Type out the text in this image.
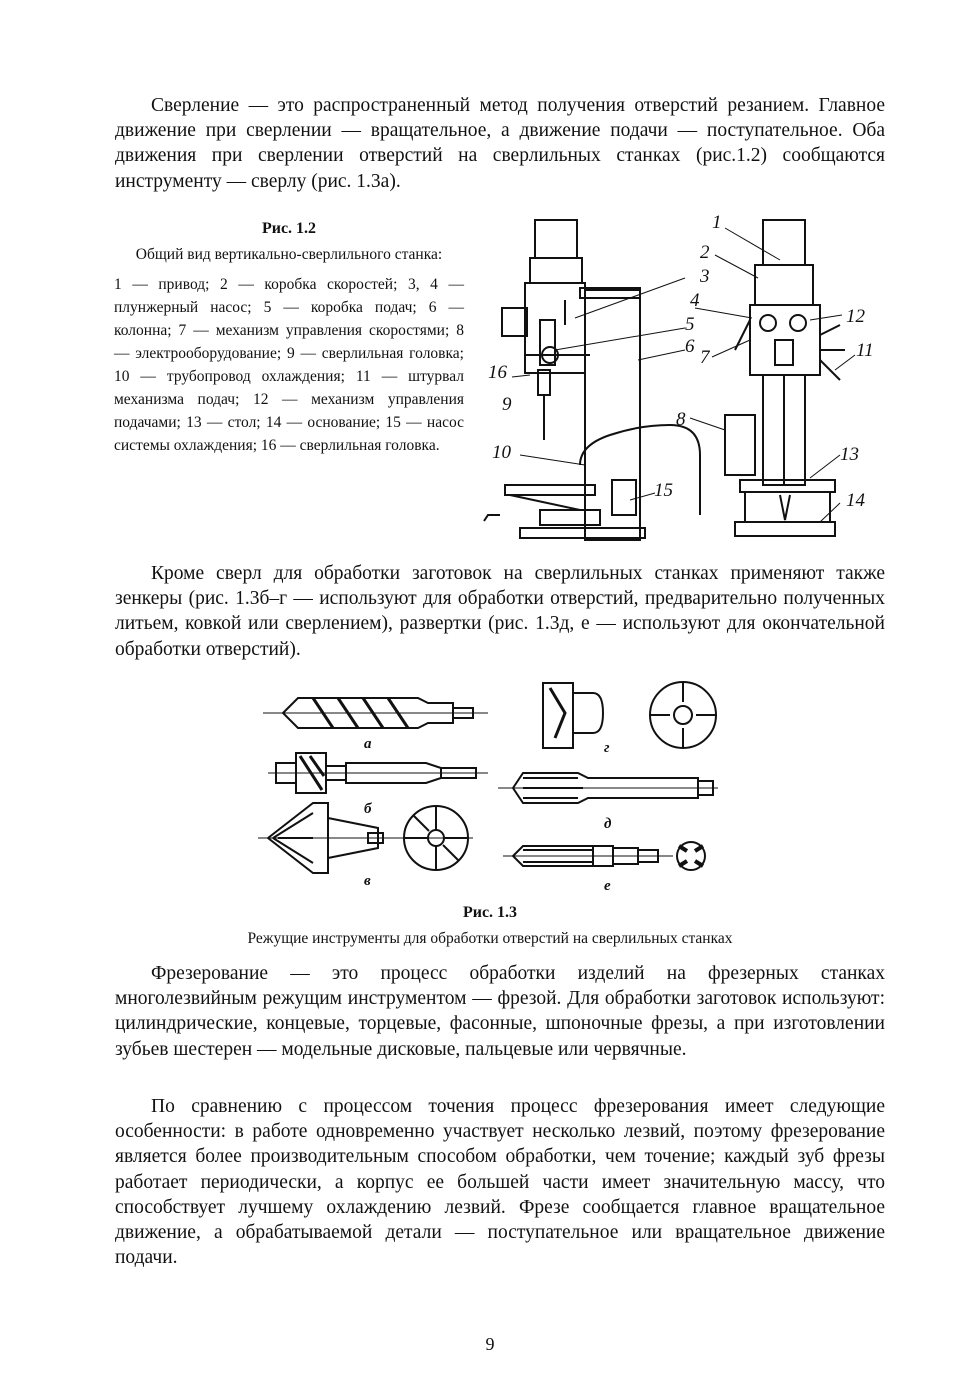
Сверление — это распространенный метод получения отверстий резанием. Главное движение при сверлении — вращательное, а движение подачи — поступательное. Оба движения при сверлении отверстий на сверлильных станках (рис.1.2) сообщаются инструменту — сверлу (рис. 1.3а).

Рис. 1.2

Общий вид вертикально-сверлильного станка:

1 — привод; 2 — коробка скоростей; 3, 4 — плунжерный насос; 5 — коробка подач; 6 — колонна; 7 — механизм управления скоростями; 8 — электрооборудование; 9 — сверлильная головка; 10 — трубопровод охлаждения; 11 — штурвал механизма подач; 12 — механизм управления подачами; 13 — стол; 14 — основание; 15 — насос системы охлаждения; 16 — сверлильная головка.

1
2
3
4
5
6
7
8
9
11
12
13
14
15
16
10

Кроме сверл для обработки заготовок на сверлильных станках применяют также зенкеры (рис. 1.3б–г — используют для обработки отверстий, предварительно полученных литьем, ковкой или сверлением), развертки (рис. 1.3д, е — используют для окончательной обработки отверстий).

а
б
в
г
д
е

Рис. 1.3

Режущие инструменты для обработки отверстий на сверлильных станках

Фрезерование — это процесс обработки изделий на фрезерных станках многолезвийным режущим инструментом — фрезой. Для обработки заготовок используют: цилиндрические, концевые, торцевые, фасонные, шпоночные фрезы, а при изготовлении зубьев шестерен — модельные дисковые, пальцевые или червячные.

По сравнению с процессом точения процесс фрезерования имеет следующие особенности: в работе одновременно участвует несколько лезвий, поэтому фрезерование является более производительным способом обработки, чем точение; каждый зуб фрезы работает периодически, а корпус ее большей части имеет значительную массу, что способствует лучшему охлаждению лезвий. Фрезе сообщается главное вращательное движение, а обрабатываемой детали — поступательное или вращательное движение подачи.

9
